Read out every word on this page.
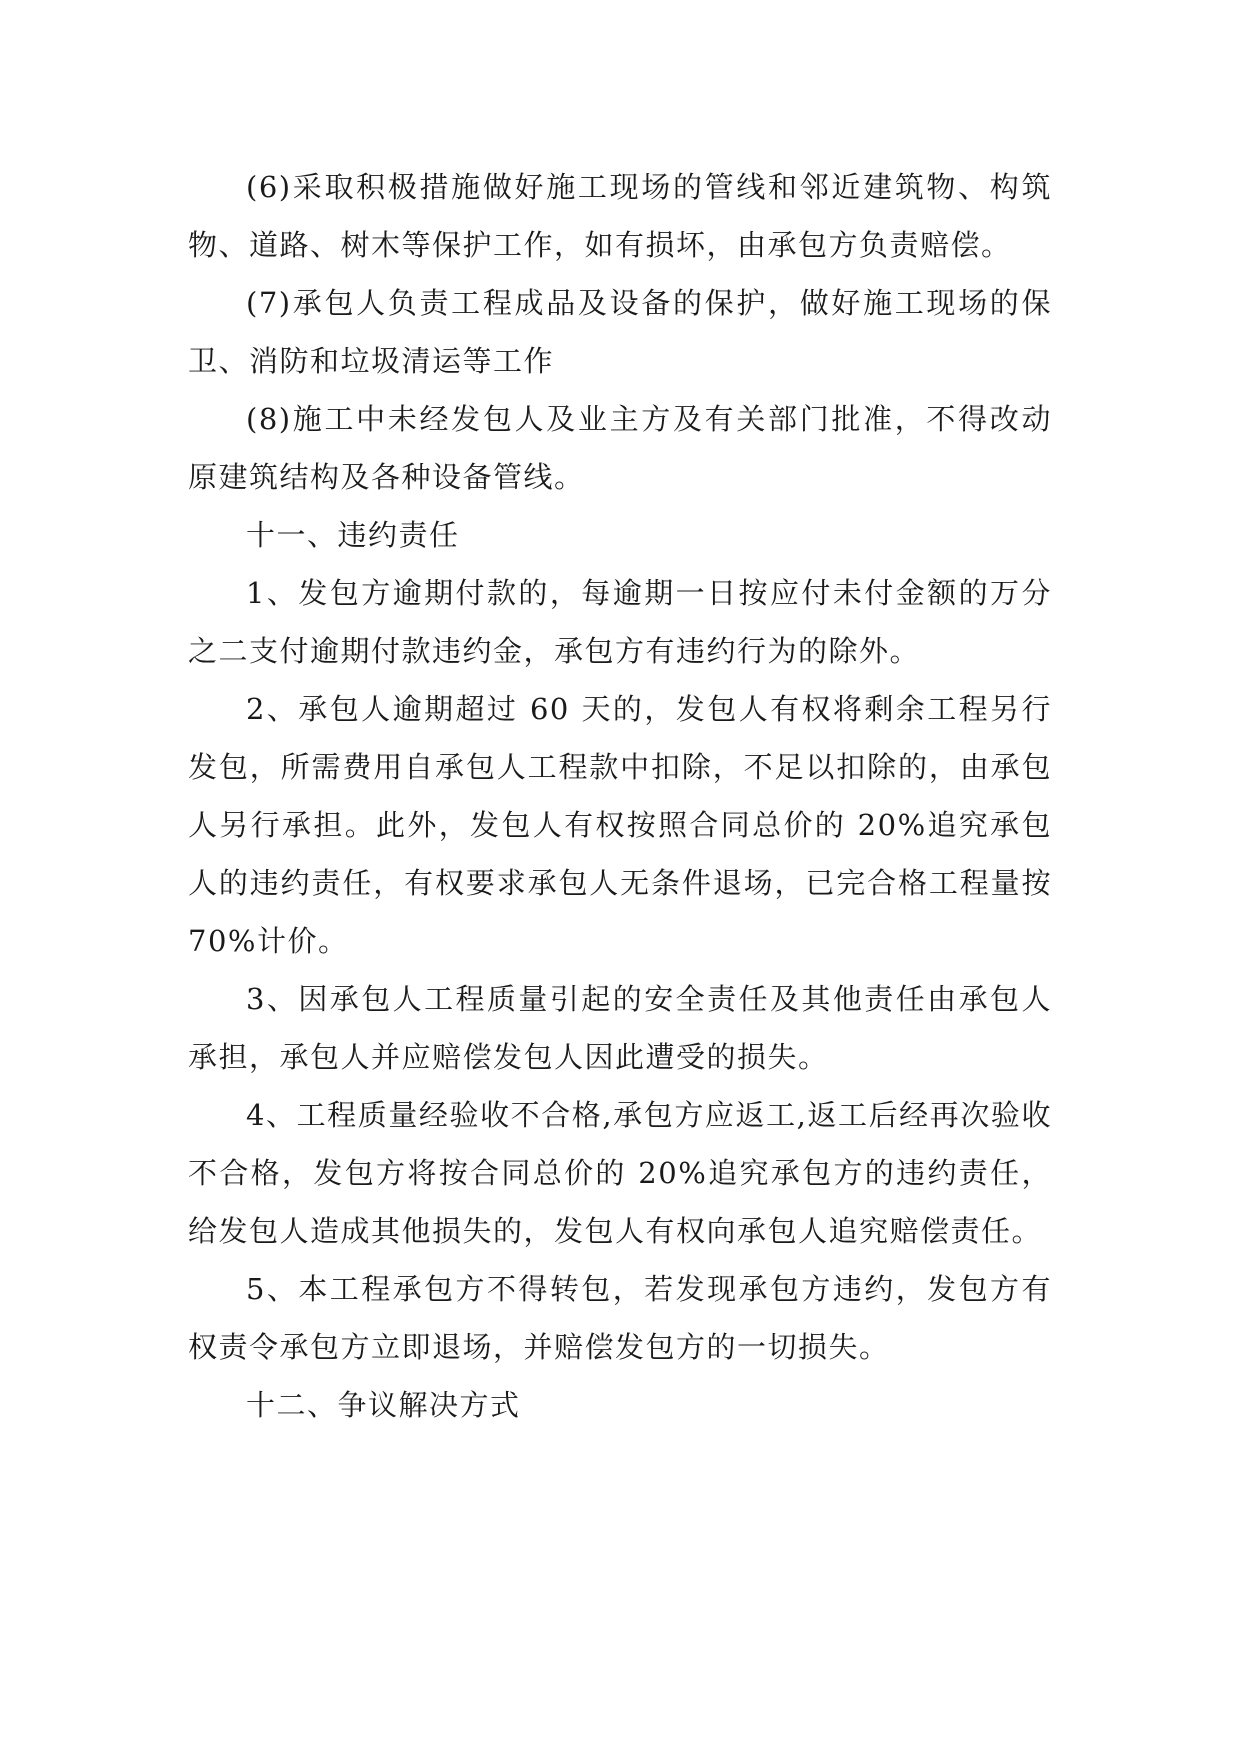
(6)采取积极措施做好施工现场的管线和邻近建筑物、构筑物、道路、树木等保护工作，如有损坏，由承包方负责赔偿。

(7)承包人负责工程成品及设备的保护，做好施工现场的保卫、消防和垃圾清运等工作

(8)施工中未经发包人及业主方及有关部门批准，不得改动原建筑结构及各种设备管线。

十一、违约责任

1、发包方逾期付款的，每逾期一日按应付未付金额的万分之二支付逾期付款违约金，承包方有违约行为的除外。

2、承包人逾期超过 60 天的，发包人有权将剩余工程另行发包，所需费用自承包人工程款中扣除，不足以扣除的，由承包人另行承担。此外，发包人有权按照合同总价的 20%追究承包人的违约责任，有权要求承包人无条件退场，已完合格工程量按 70%计价。

3、因承包人工程质量引起的安全责任及其他责任由承包人承担，承包人并应赔偿发包人因此遭受的损失。

4、工程质量经验收不合格,承包方应返工,返工后经再次验收不合格，发包方将按合同总价的 20%追究承包方的违约责任，给发包人造成其他损失的，发包人有权向承包人追究赔偿责任。

5、本工程承包方不得转包，若发现承包方违约，发包方有权责令承包方立即退场，并赔偿发包方的一切损失。

十二、争议解决方式
